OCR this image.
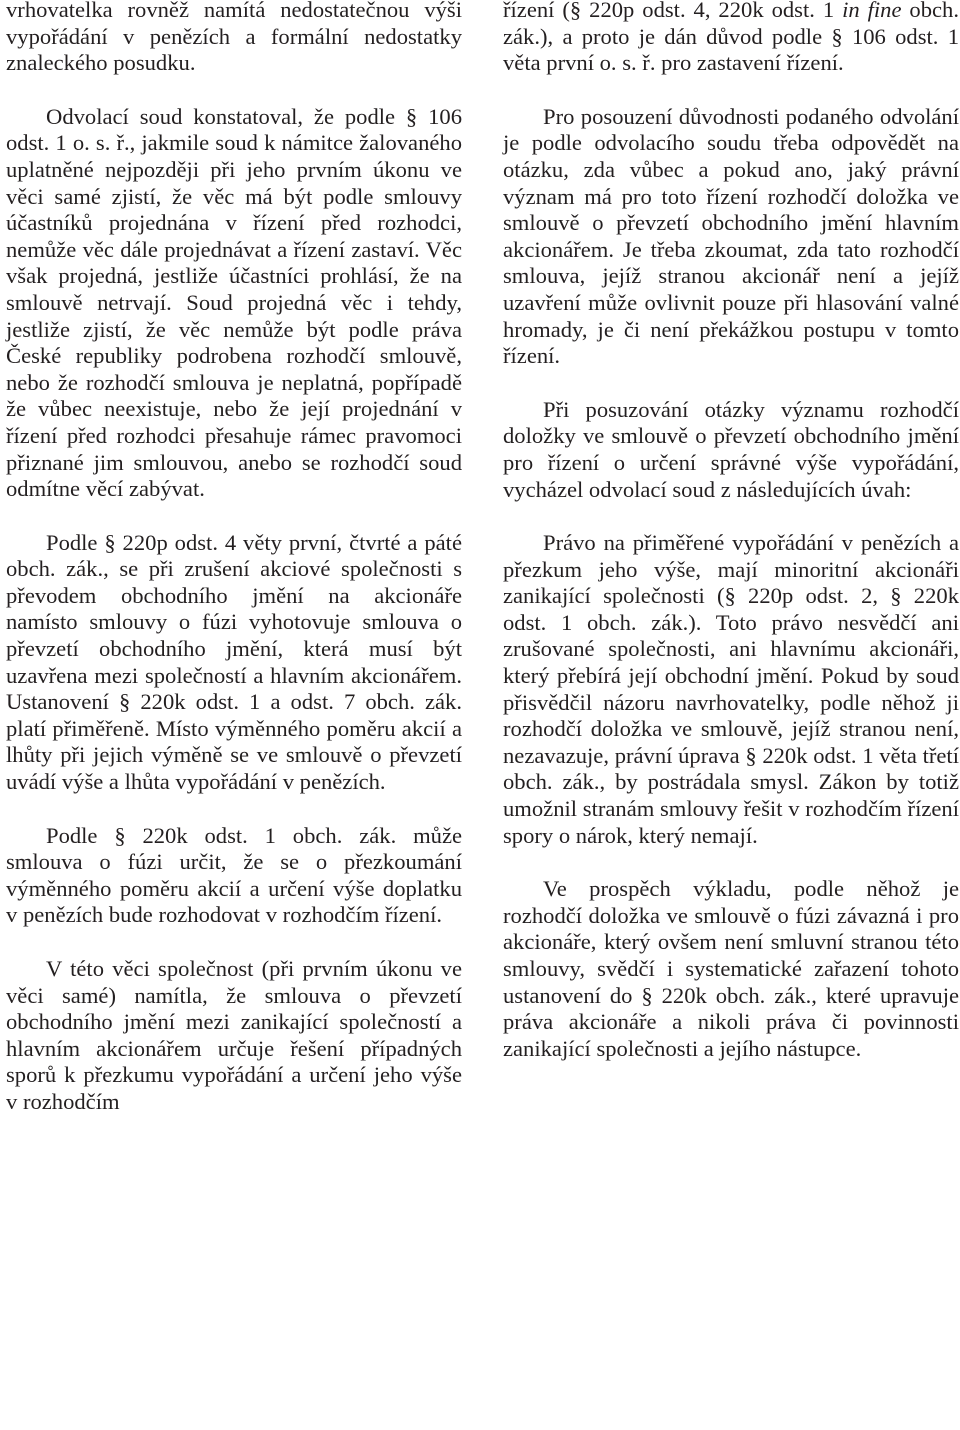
vrhovatelka rovněž namítá nedostatečnou výši vypořádání v penězích a formální nedostatky znaleckého posudku.

Odvolací soud konstatoval, že podle § 106 odst. 1 o. s. ř., jakmile soud k námitce žalovaného uplatněné nejpozději při jeho prvním úkonu ve věci samé zjistí, že věc má být podle smlouvy účastníků projednána v řízení před rozhodci, nemůže věc dále projednávat a řízení zastaví. Věc však projedná, jestliže účastníci prohlásí, že na smlouvě netrvají. Soud projedná věc i tehdy, jestliže zjistí, že věc nemůže být podle práva České republiky podrobena rozhodčí smlouvě, nebo že rozhodčí smlouva je neplatná, popřípadě že vůbec neexistuje, nebo že její projednání v řízení před rozhodci přesahuje rámec pravomoci přiznané jim smlouvou, anebo se rozhodčí soud odmítne věcí zabývat.

Podle § 220p odst. 4 věty první, čtvrté a páté obch. zák., se při zrušení akciové společnosti s převodem obchodního jmění na akcionáře namísto smlouvy o fúzi vyhotovuje smlouva o převzetí obchodního jmění, která musí být uzavřena mezi společností a hlavním akcionářem. Ustanovení § 220k odst. 1 a odst. 7 obch. zák. platí přiměřeně. Místo výměnného poměru akcií a lhůty při jejich výměně se ve smlouvě o převzetí uvádí výše a lhůta vypořádání v penězích.

Podle § 220k odst. 1 obch. zák. může smlouva o fúzi určit, že se o přezkoumání výměnného poměru akcií a určení výše doplatku v penězích bude rozhodovat v rozhodčím řízení.

V této věci společnost (při prvním úkonu ve věci samé) namítla, že smlouva o převzetí obchodního jmění mezi zanikající společností a hlavním akcionářem určuje řešení případných sporů k přezkumu vypořádání a určení jeho výše v rozhodčím

řízení (§ 220p odst. 4, 220k odst. 1 in fine obch. zák.), a proto je dán důvod podle § 106 odst. 1 věta první o. s. ř. pro zastavení řízení.

Pro posouzení důvodnosti podaného odvolání je podle odvolacího soudu třeba odpovědět na otázku, zda vůbec a pokud ano, jaký právní význam má pro toto řízení rozhodčí doložka ve smlouvě o převzetí obchodního jmění hlavním akcionářem. Je třeba zkoumat, zda tato rozhodčí smlouva, jejíž stranou akcionář není a jejíž uzavření může ovlivnit pouze při hlasování valné hromady, je či není překážkou postupu v tomto řízení.

Při posuzování otázky významu rozhodčí doložky ve smlouvě o převzetí obchodního jmění pro řízení o určení správné výše vypořádání, vycházel odvolací soud z následujících úvah:

Právo na přiměřené vypořádání v penězích a přezkum jeho výše, mají minoritní akcionáři zanikající společnosti (§ 220p odst. 2, § 220k odst. 1 obch. zák.). Toto právo nesvědčí ani zrušované společnosti, ani hlavnímu akcionáři, který přebírá její obchodní jmění. Pokud by soud přisvědčil názoru navrhovatelky, podle něhož ji rozhodčí doložka ve smlouvě, jejíž stranou není, nezavazuje, právní úprava § 220k odst. 1 věta třetí obch. zák., by postrádala smysl. Zákon by totiž umožnil stranám smlouvy řešit v rozhodčím řízení spory o nárok, který nemají.

Ve prospěch výkladu, podle něhož je rozhodčí doložka ve smlouvě o fúzi závazná i pro akcionáře, který ovšem není smluvní stranou této smlouvy, svědčí i systematické zařazení tohoto ustanovení do § 220k obch. zák., které upravuje práva akcionáře a nikoli práva či povinnosti zanikající společnosti a jejího nástupce.
